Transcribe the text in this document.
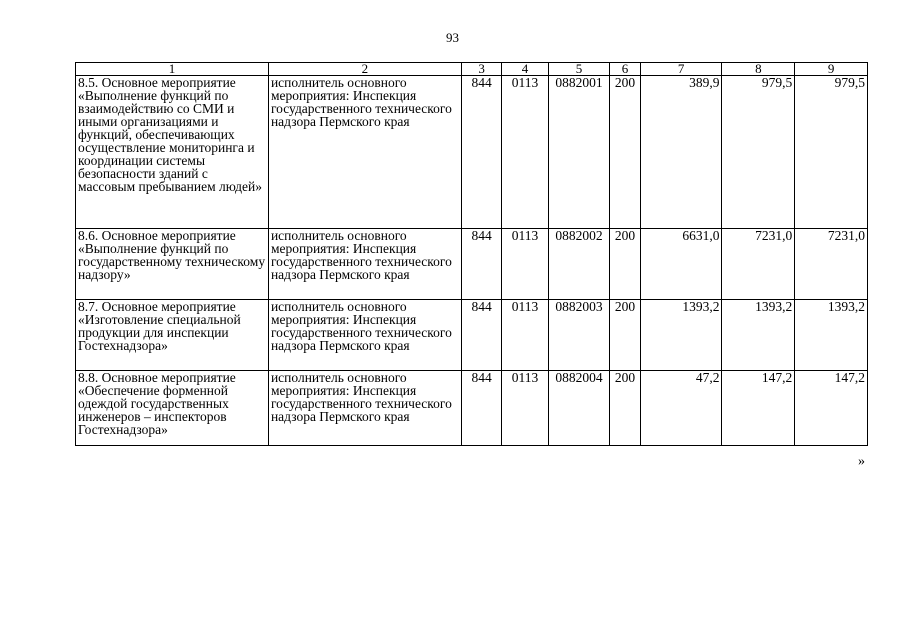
93
1	2	3	4	5	6	7	8	9
8.5. Основное мероприятие «Выполнение функций по взаимодействию со СМИ и иными организациями и функций, обеспечивающих осуществление мониторинга и координации системы безопасности зданий с массовым пребыванием людей»	исполнитель основного мероприятия: Инспекция государственного технического надзора Пермского края	844	0113	0882001	200	389,9	979,5	979,5
8.6. Основное мероприятие «Выполнение функций по государственному техническому надзору»	исполнитель основного мероприятия: Инспекция государственного технического надзора Пермского края	844	0113	0882002	200	6631,0	7231,0	7231,0
8.7. Основное мероприятие «Изготовление специальной продукции для инспекции Гостехнадзора»	исполнитель основного мероприятия: Инспекция государственного технического надзора Пермского края	844	0113	0882003	200	1393,2	1393,2	1393,2
8.8. Основное мероприятие «Обеспечение форменной одеждой государственных инженеров – инспекторов Гостехнадзора»	исполнитель основного мероприятия: Инспекция государственного технического надзора Пермского края	844	0113	0882004	200	47,2	147,2	147,2
»
